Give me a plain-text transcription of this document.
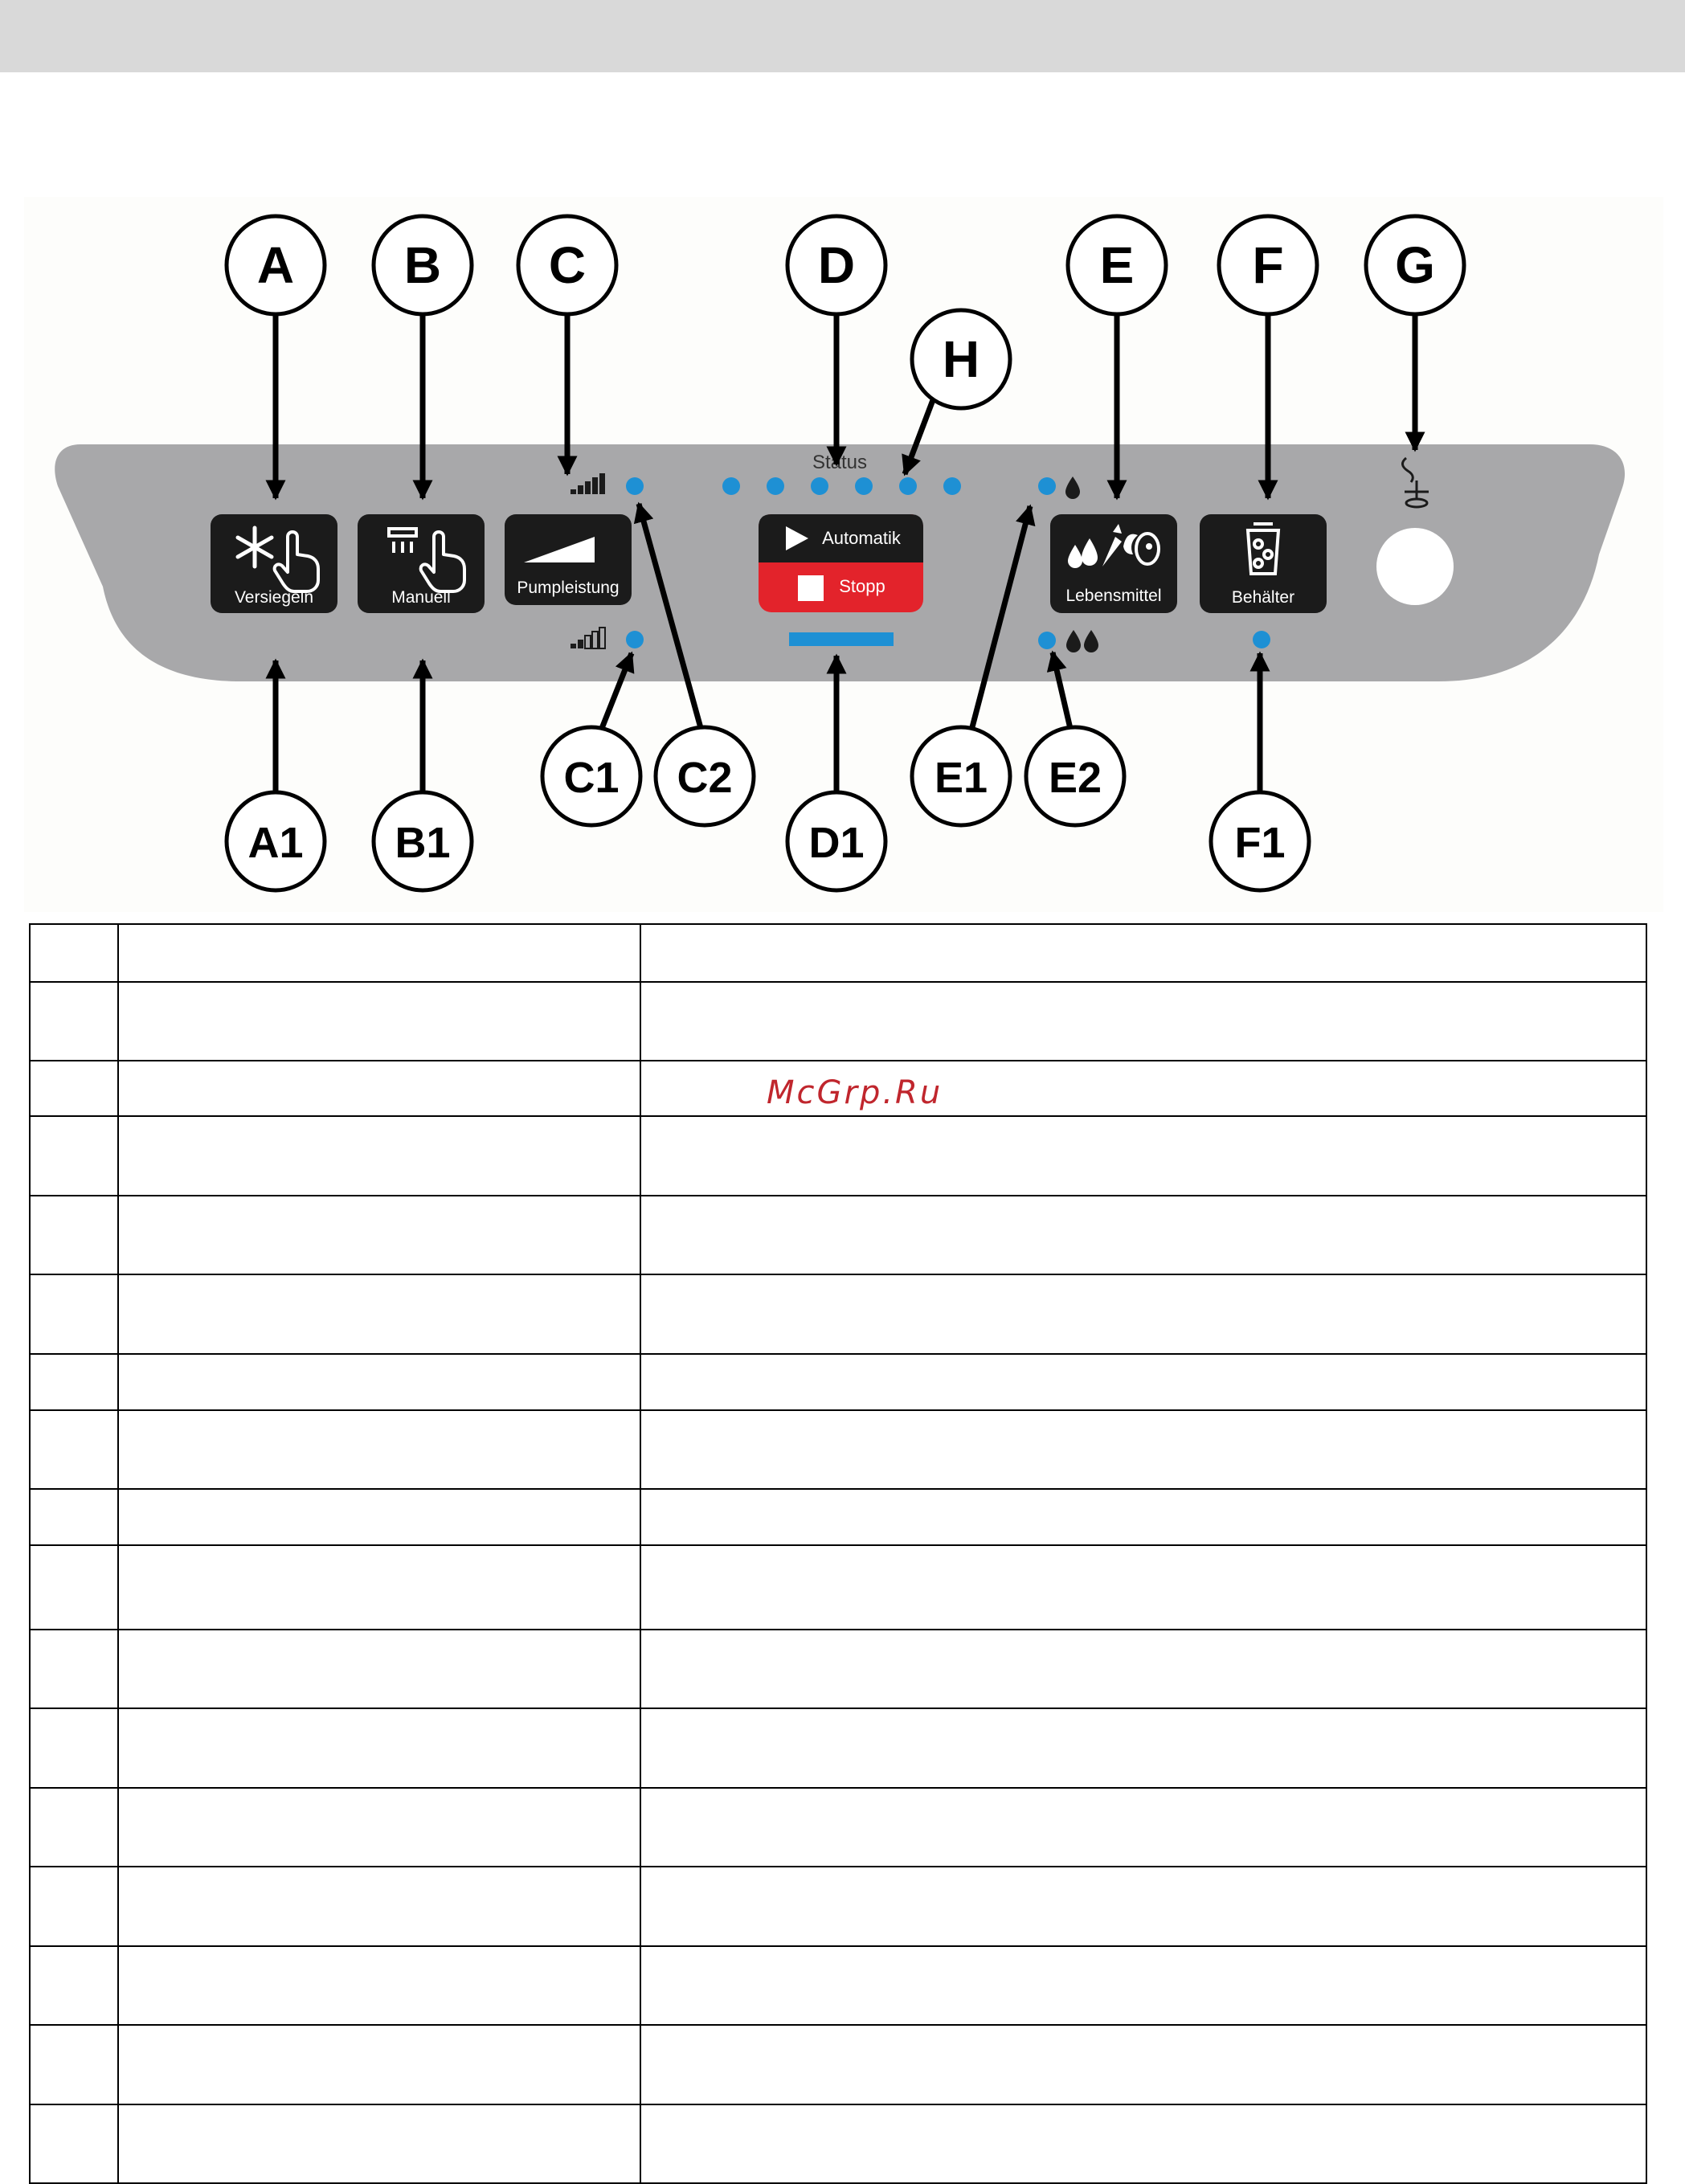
Status
Versiegeln	Manuell
Pumpleistung
Automatik
Stopp	Lebensmittel	Behälter
A B C	D
H
E F G
A1 B1
C1 C2
D1
E1 E2
F1

McGrp.Ru
